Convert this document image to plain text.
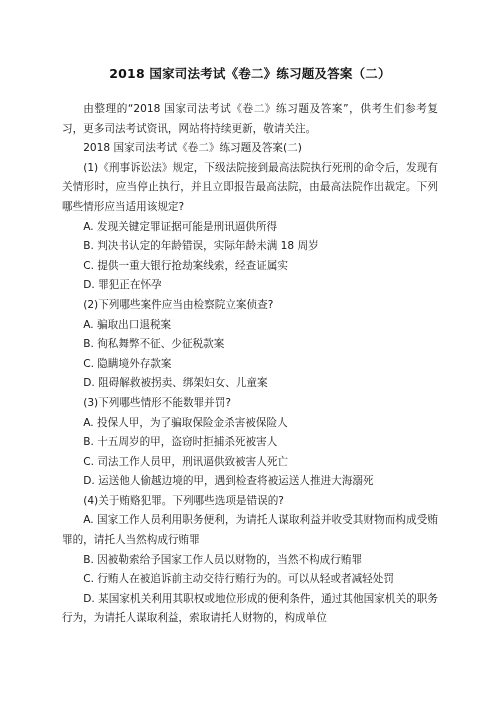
2018 国家司法考试《卷二》练习题及答案（二）

由整理的“2018 国家司法考试《卷二》练习题及答案”，供考生们参考复习，更多司法考试资讯，网站将持续更新，敬请关注。

2018 国家司法考试《卷二》练习题及答案(二)

(1)《刑事诉讼法》规定，下级法院接到最高法院执行死刑的命令后，发现有关情形时，应当停止执行，并且立即报告最高法院，由最高法院作出裁定。下列哪些情形应当适用该规定?

A. 发现关键定罪证据可能是刑讯逼供所得

B. 判决书认定的年龄错误，实际年龄未满 18 周岁

C. 提供一重大银行抢劫案线索，经查证属实

D. 罪犯正在怀孕

(2)下列哪些案件应当由检察院立案侦查?

A. 骗取出口退税案

B. 徇私舞弊不征、少征税款案

C. 隐瞒境外存款案

D. 阻碍解救被拐卖、绑架妇女、儿童案

(3)下列哪些情形不能数罪并罚?

A. 投保人甲，为了骗取保险金杀害被保险人

B. 十五周岁的甲，盗窃时拒捕杀死被害人

C. 司法工作人员甲，刑讯逼供致被害人死亡

D. 运送他人偷越边境的甲，遇到检查将被运送人推进大海溺死

(4)关于贿赂犯罪。下列哪些选项是错误的?

A. 国家工作人员利用职务便利，为请托人谋取利益并收受其财物而构成受贿罪的，请托人当然构成行贿罪

B. 因被勒索给予国家工作人员以财物的，当然不构成行贿罪

C. 行贿人在被追诉前主动交待行贿行为的。可以从轻或者减轻处罚

D. 某国家机关利用其职权或地位形成的便利条件，通过其他国家机关的职务行为，为请托人谋取利益，索取请托人财物的，构成单位
